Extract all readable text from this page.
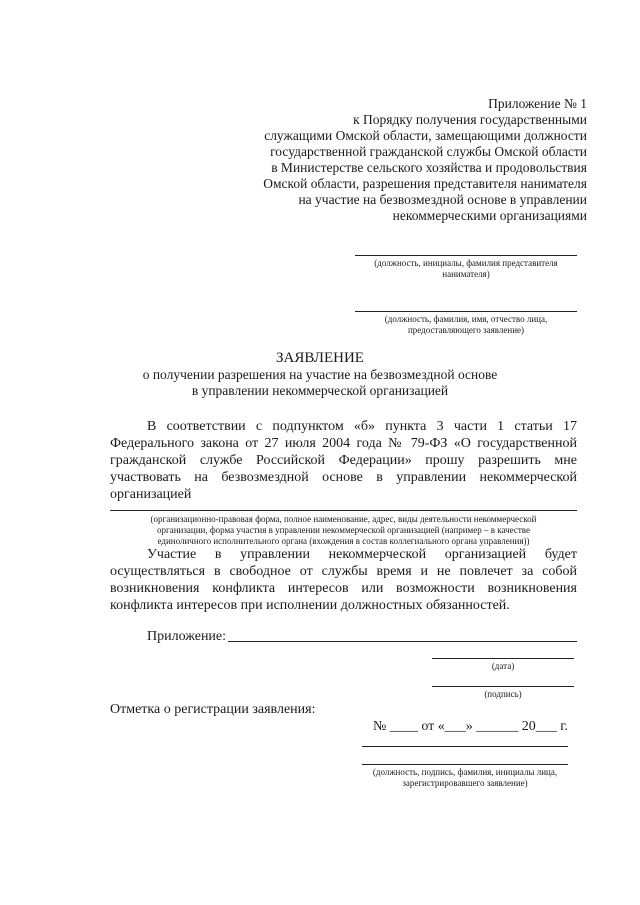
Приложение № 1
к Порядку получения государственными
служащими Омской области, замещающими должности
государственной гражданской службы Омской области
в Министерстве сельского хозяйства и продовольствия
Омской области, разрешения представителя нанимателя
на участие на безвозмездной основе в управлении
некоммерческими организациями
(должность, инициалы, фамилия представителя
нанимателя)
(должность, фамилия, имя, отчество лица,
предоставляющего заявление)
ЗАЯВЛЕНИЕ
о получении разрешения на участие на безвозмездной основе
в управлении некоммерческой организацией
В соответствии с подпунктом «б» пункта 3 части 1 статьи 17
Федерального закона от 27 июля 2004 года № 79-ФЗ «О государственной
гражданской службе Российской Федерации» прошу разрешить мне
участвовать на безвозмездной основе в управлении некоммерческой
организацией
(организационно-правовая форма, полное наименование, адрес, виды деятельности некоммерческой
организации, форма участия в управлении некоммерческой организацией (например – в качестве
единоличного исполнительного органа (вхождения в состав коллегиального органа управления))
Участие в управлении некоммерческой организацией будет
осуществляться в свободное от службы время и не повлечет за собой
возникновения конфликта интересов или возможности возникновения
конфликта интересов при исполнении должностных обязанностей.
Приложение:
(дата)
(подпись)
Отметка о регистрации заявления:
№ ____ от «___» ______ 20___ г.
(должность, подпись, фамилия, инициалы лица,
зарегистрировавшего заявление)
